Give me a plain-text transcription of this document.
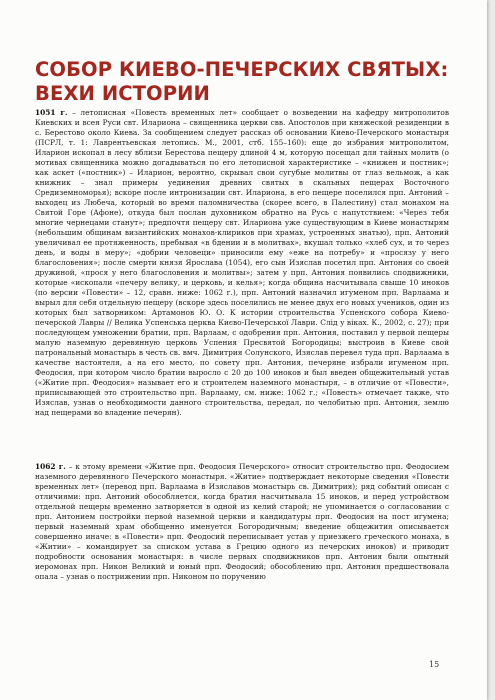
СОБОР КИЕВО-ПЕЧЕРСКИХ СВЯТЫХ:
ВЕХИ ИСТОРИИ

1051 г. – летописная «Повесть временных лет» сообщает о возведении на кафедру митрополитов Киевских и всея Руси свт. Илариона – священника церкви свв. Апостолов при княжеской резиденции в с. Берестово около Киева. За сообщением следует рассказ об основании Киево-Печерского монастыря (ПСРЛ, т. 1: Лаврентьевская летопись. М., 2001, стб. 155–160): еще до избрания митрополитом, Иларион ископал в лесу вблизи Берестова пещеру длиной 4 м, которую посещал для тайных молитв (о мотивах священника можно догадываться по его летописной характеристике – «книжен и постник»; как аскет («постник») – Иларион, вероятно, скрывал свои сугубые молитвы от глаз вельмож, а как книжник – знал примеры уединения древних святых в скальных пещерах Восточного Средиземноморья); вскоре после интронизации свт. Илариона, в его пещере поселился прп. Антоний – выходец из Любеча, который во время паломничества (скорее всего, в Палестину) стал монахом на Святой Горе (Афоне), откуда был послан духовником обратно на Русь с напутствием: «Через тебя многие чернецами станут»; предпочтя пещеру свт. Илариона уже существующим в Киеве монастырям (небольшим общинам византийских монахов-клириков при храмах, устроенных знатью), прп. Антоний увеличивал ее протяженность, пребывая «в бдении и в молитвах», вкушал только «хлеб сух, и то через день, и воды в меру»; «добрии человеци» приносили ему «еже на потребу» и «просязу у него благословения»; после смерти князя Ярослава (1054), его сын Изяслав посетил прп. Антония со своей дружиной, «прося у него благословения и молитвы»; затем у прп. Антония появились сподвижники, которые «ископали «печеру велику, и церковь, и келья»; когда община насчитывала свыше 10 иноков (по версии «Повести» – 12, сравн. ниже: 1062 г.), прп. Антоний назначил игуменом прп. Варлаама и вырыл для себя отдельную пещеру (вскоре здесь поселились не менее двух его новых учеников, один из которых был затворником: Артамонов Ю. О. К истории строительства Успенского собора Киево-печерской Лавры // Велика Успенська церква Києво-Печерської Лаври. Слід у віках. К., 2002, с. 27); при последующем умножении братии, прп. Варлаам, с одобрения прп. Антония, поставил у первой пещеры малую наземную деревянную церковь Успения Пресвятой Богородицы; выстроив в Киеве свой патрональный монастырь в честь св. вмч. Димитрия Солунского, Изяслав перевел туда прп. Варлаама в качестве настоятеля, а на его место, по совету прп. Антония, печеряне избрали игуменом прп. Феодосия, при котором число братии выросло с 20 до 100 иноков и был введен общежительный устав («Житие прп. Феодосия» называет его и строителем наземного монастыря, – в отличие от «Повести», приписывающей это строительство прп. Варлааму, см. ниже: 1062 г.; «Повесть» отмечает также, что Изяслав, узнав о необходимости данного строительства, передал, по челобитью прп. Антония, землю над пещерами во владение печерян).

1062 г. – к этому времени «Житие прп. Феодосия Печерского» относит строительство прп. Феодосием наземного деревянного Печерского монастыря. «Житие» подтверждает некоторые сведения «Повести временных лет» (перевод прп. Варлаама в Изяславов монастырь св. Димитрия); ряд событий описан с отличиями: прп. Антоний обособляется, когда братия насчитывала 15 иноков, и перед устройством отдельной пещеры временно затворяется в одной из келий старой; не упоминается о согласовании с прп. Антонием постройки первой наземной церкви и кандидатуры прп. Феодосия на пост игумена; первый наземный храм обобщенно именуется Богородичным; введение общежития описывается совершенно иначе: в «Повести» прп. Феодосий переписывает устав у приезжего греческого монаха, в «Житии» – командирует за списком устава в Грецию одного из печерских иноков) и приводит подробности основания монастыря: в числе первых сподвижников прп. Антония были опытный иеромонах прп. Никон Великий и юный прп. Феодосий; обособлению прп. Антония предшествовала опала – узнав о пострижении прп. Никоном по поручению

15
